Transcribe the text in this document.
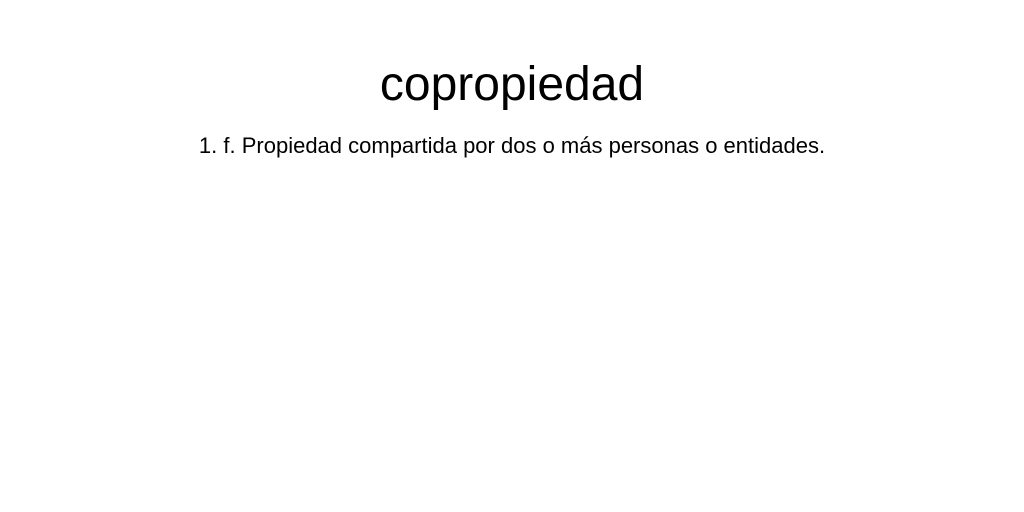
copropiedad

1. f. Propiedad compartida por dos o más personas o entidades.
